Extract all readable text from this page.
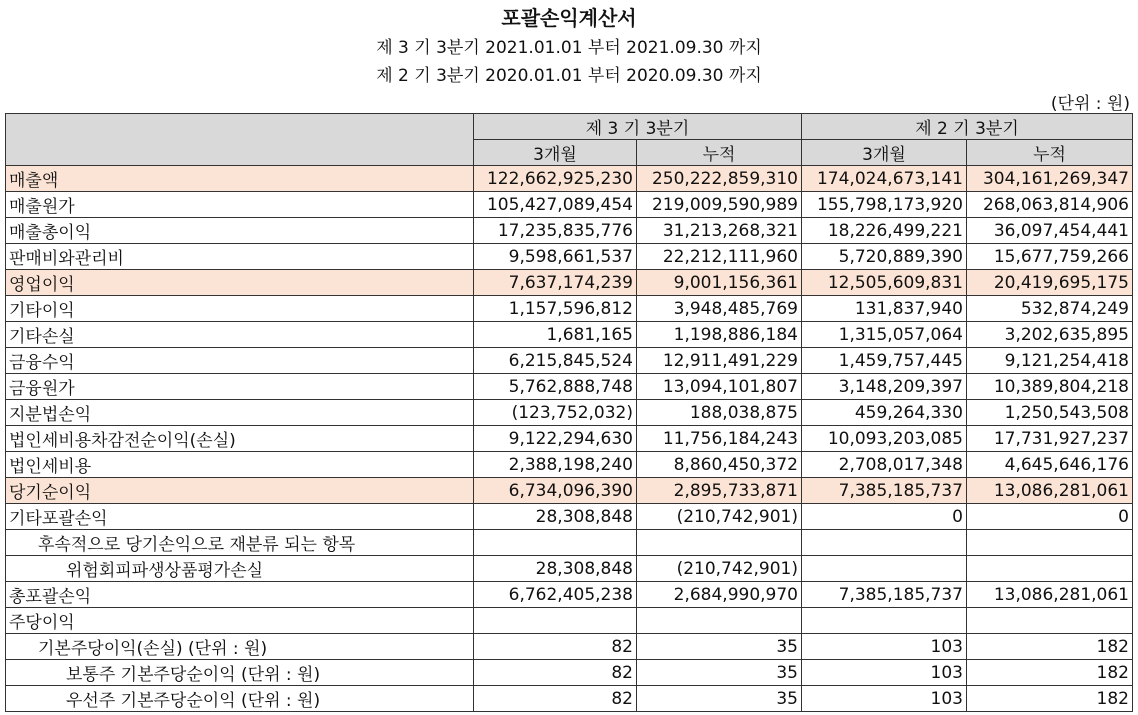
포괄손익계산서
제 3 기 3분기 2021.01.01 부터 2021.09.30 까지
제 2 기 3분기 2020.01.01 부터 2020.09.30 까지
(단위 : 원)
	제 3 기 3분기		제 2 기 3분기	
	3개월	누적	3개월	누적
매출액	122,662,925,230	250,222,859,310	174,024,673,141	304,161,269,347
매출원가	105,427,089,454	219,009,590,989	155,798,173,920	268,063,814,906
매출총이익	17,235,835,776	31,213,268,321	18,226,499,221	36,097,454,441
판매비와관리비	9,598,661,537	22,212,111,960	5,720,889,390	15,677,759,266
영업이익	7,637,174,239	9,001,156,361	12,505,609,831	20,419,695,175
기타이익	1,157,596,812	3,948,485,769	131,837,940	532,874,249
기타손실	1,681,165	1,198,886,184	1,315,057,064	3,202,635,895
금융수익	6,215,845,524	12,911,491,229	1,459,757,445	9,121,254,418
금융원가	5,762,888,748	13,094,101,807	3,148,209,397	10,389,804,218
지분법손익	(123,752,032)	188,038,875	459,264,330	1,250,543,508
법인세비용차감전순이익(손실)	9,122,294,630	11,756,184,243	10,093,203,085	17,731,927,237
법인세비용	2,388,198,240	8,860,450,372	2,708,017,348	4,645,646,176
당기순이익	6,734,096,390	2,895,733,871	7,385,185,737	13,086,281,061
기타포괄손익	28,308,848	(210,742,901)	0	0
후속적으로 당기손익으로 재분류 되는 항목				
위험회피파생상품평가손실	28,308,848	(210,742,901)		
총포괄손익	6,762,405,238	2,684,990,970	7,385,185,737	13,086,281,061
주당이익				
기본주당이익(손실) (단위 : 원)	82	35	103	182
보통주 기본주당순이익 (단위 : 원)	82	35	103	182
우선주 기본주당순이익 (단위 : 원)	82	35	103	182
